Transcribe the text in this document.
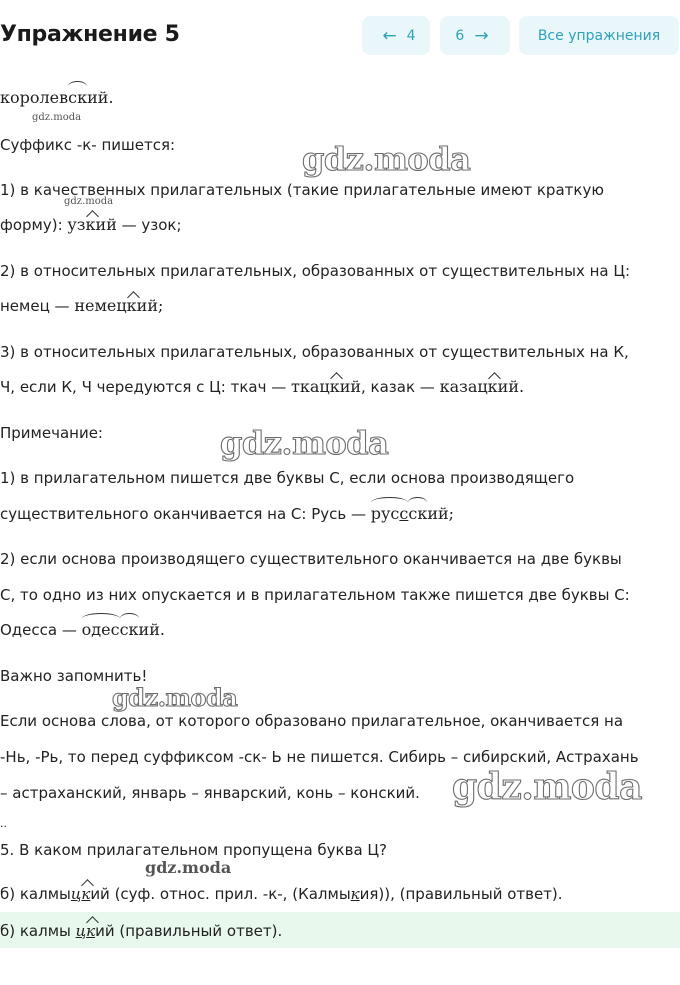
Упражнение 5	← 4	6 →	Все упражнения
королевский.
gdz.moda
Суффикс -к- пишется:	gdz.moda
1) в качественных прилагательных (такие прилагательные имеют краткую
gdz.moda
форму): узкий — узок;
2) в относительных прилагательных, образованных от существительных на Ц:
немец — немецкий;
3) в относительных прилагательных, образованных от существительных на К,
Ч, если К, Ч чередуются с Ц: ткач — ткацкий, казак — казацкий.
Примечание:	gdz.moda
1) в прилагательном пишется две буквы С, если основа производящего
существительного оканчивается на С: Русь — руссский;
2) если основа производящего существительного оканчивается на две буквы
С, то одно из них опускается и в прилагательном также пишется две буквы С:
Одесса — одесский.
Важно запомнить!
gdz.moda
Если основа слова, от которого образовано прилагательное, оканчивается на
-Нь, -Рь, то перед суффиксом -ск- Ь не пишется. Сибирь – сибирский, Астрахань
– астраханский, январь – январский, конь – конский. gdz.moda
..
5. В каком прилагательном пропущена буква Ц?
gdz.moda
б) калмыцкий (суф. относ. прил. -к-, (Калмыкия)), (правильный ответ).
б) калмы цкий (правильный ответ).
